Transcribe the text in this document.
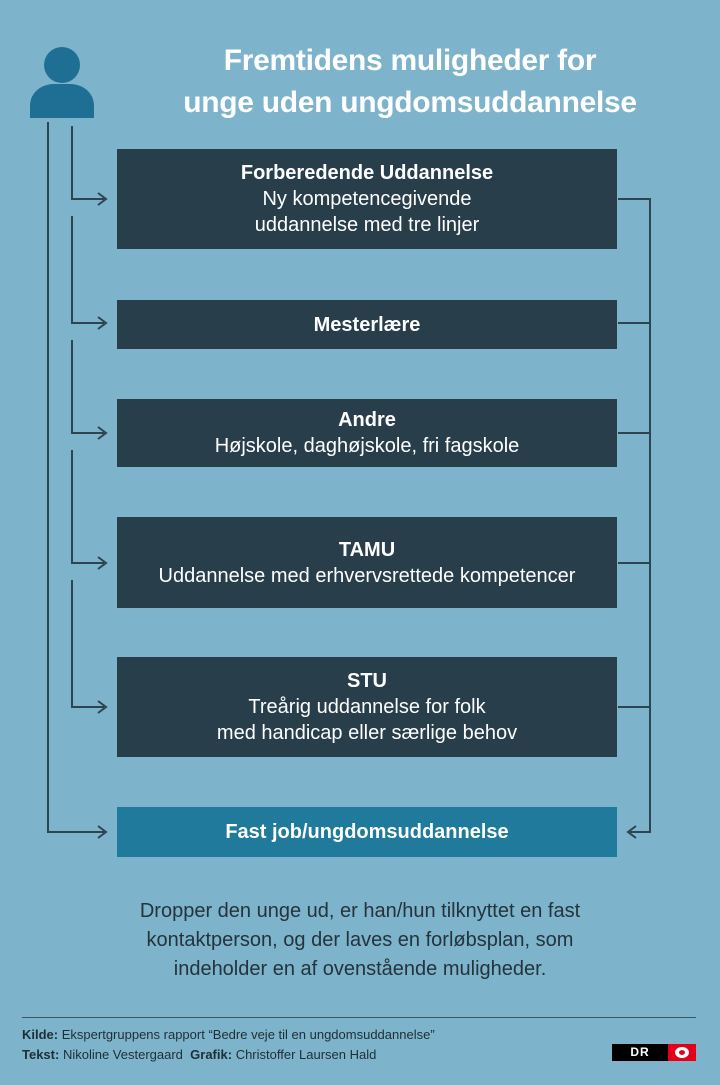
Fremtidens muligheder for
unge uden ungdomsuddannelse
Forberedende Uddannelse
Ny kompetencegivende
uddannelse med tre linjer
Mesterlære
Andre
Højskole, daghøjskole, fri fagskole
TAMU
Uddannelse med erhvervsrettede kompetencer
STU
Treårig uddannelse for folk
med handicap eller særlige behov
Fast job/ungdomsuddannelse
Dropper den unge ud, er han/hun tilknyttet en fast
kontaktperson, og der laves en forløbsplan, som
indeholder en af ovenstående muligheder.
Kilde: Ekspertgruppens rapport “Bedre veje til en ungdomsuddannelse”
Tekst: Nikoline Vestergaard Grafik: Christoffer Laursen Hald	DR
